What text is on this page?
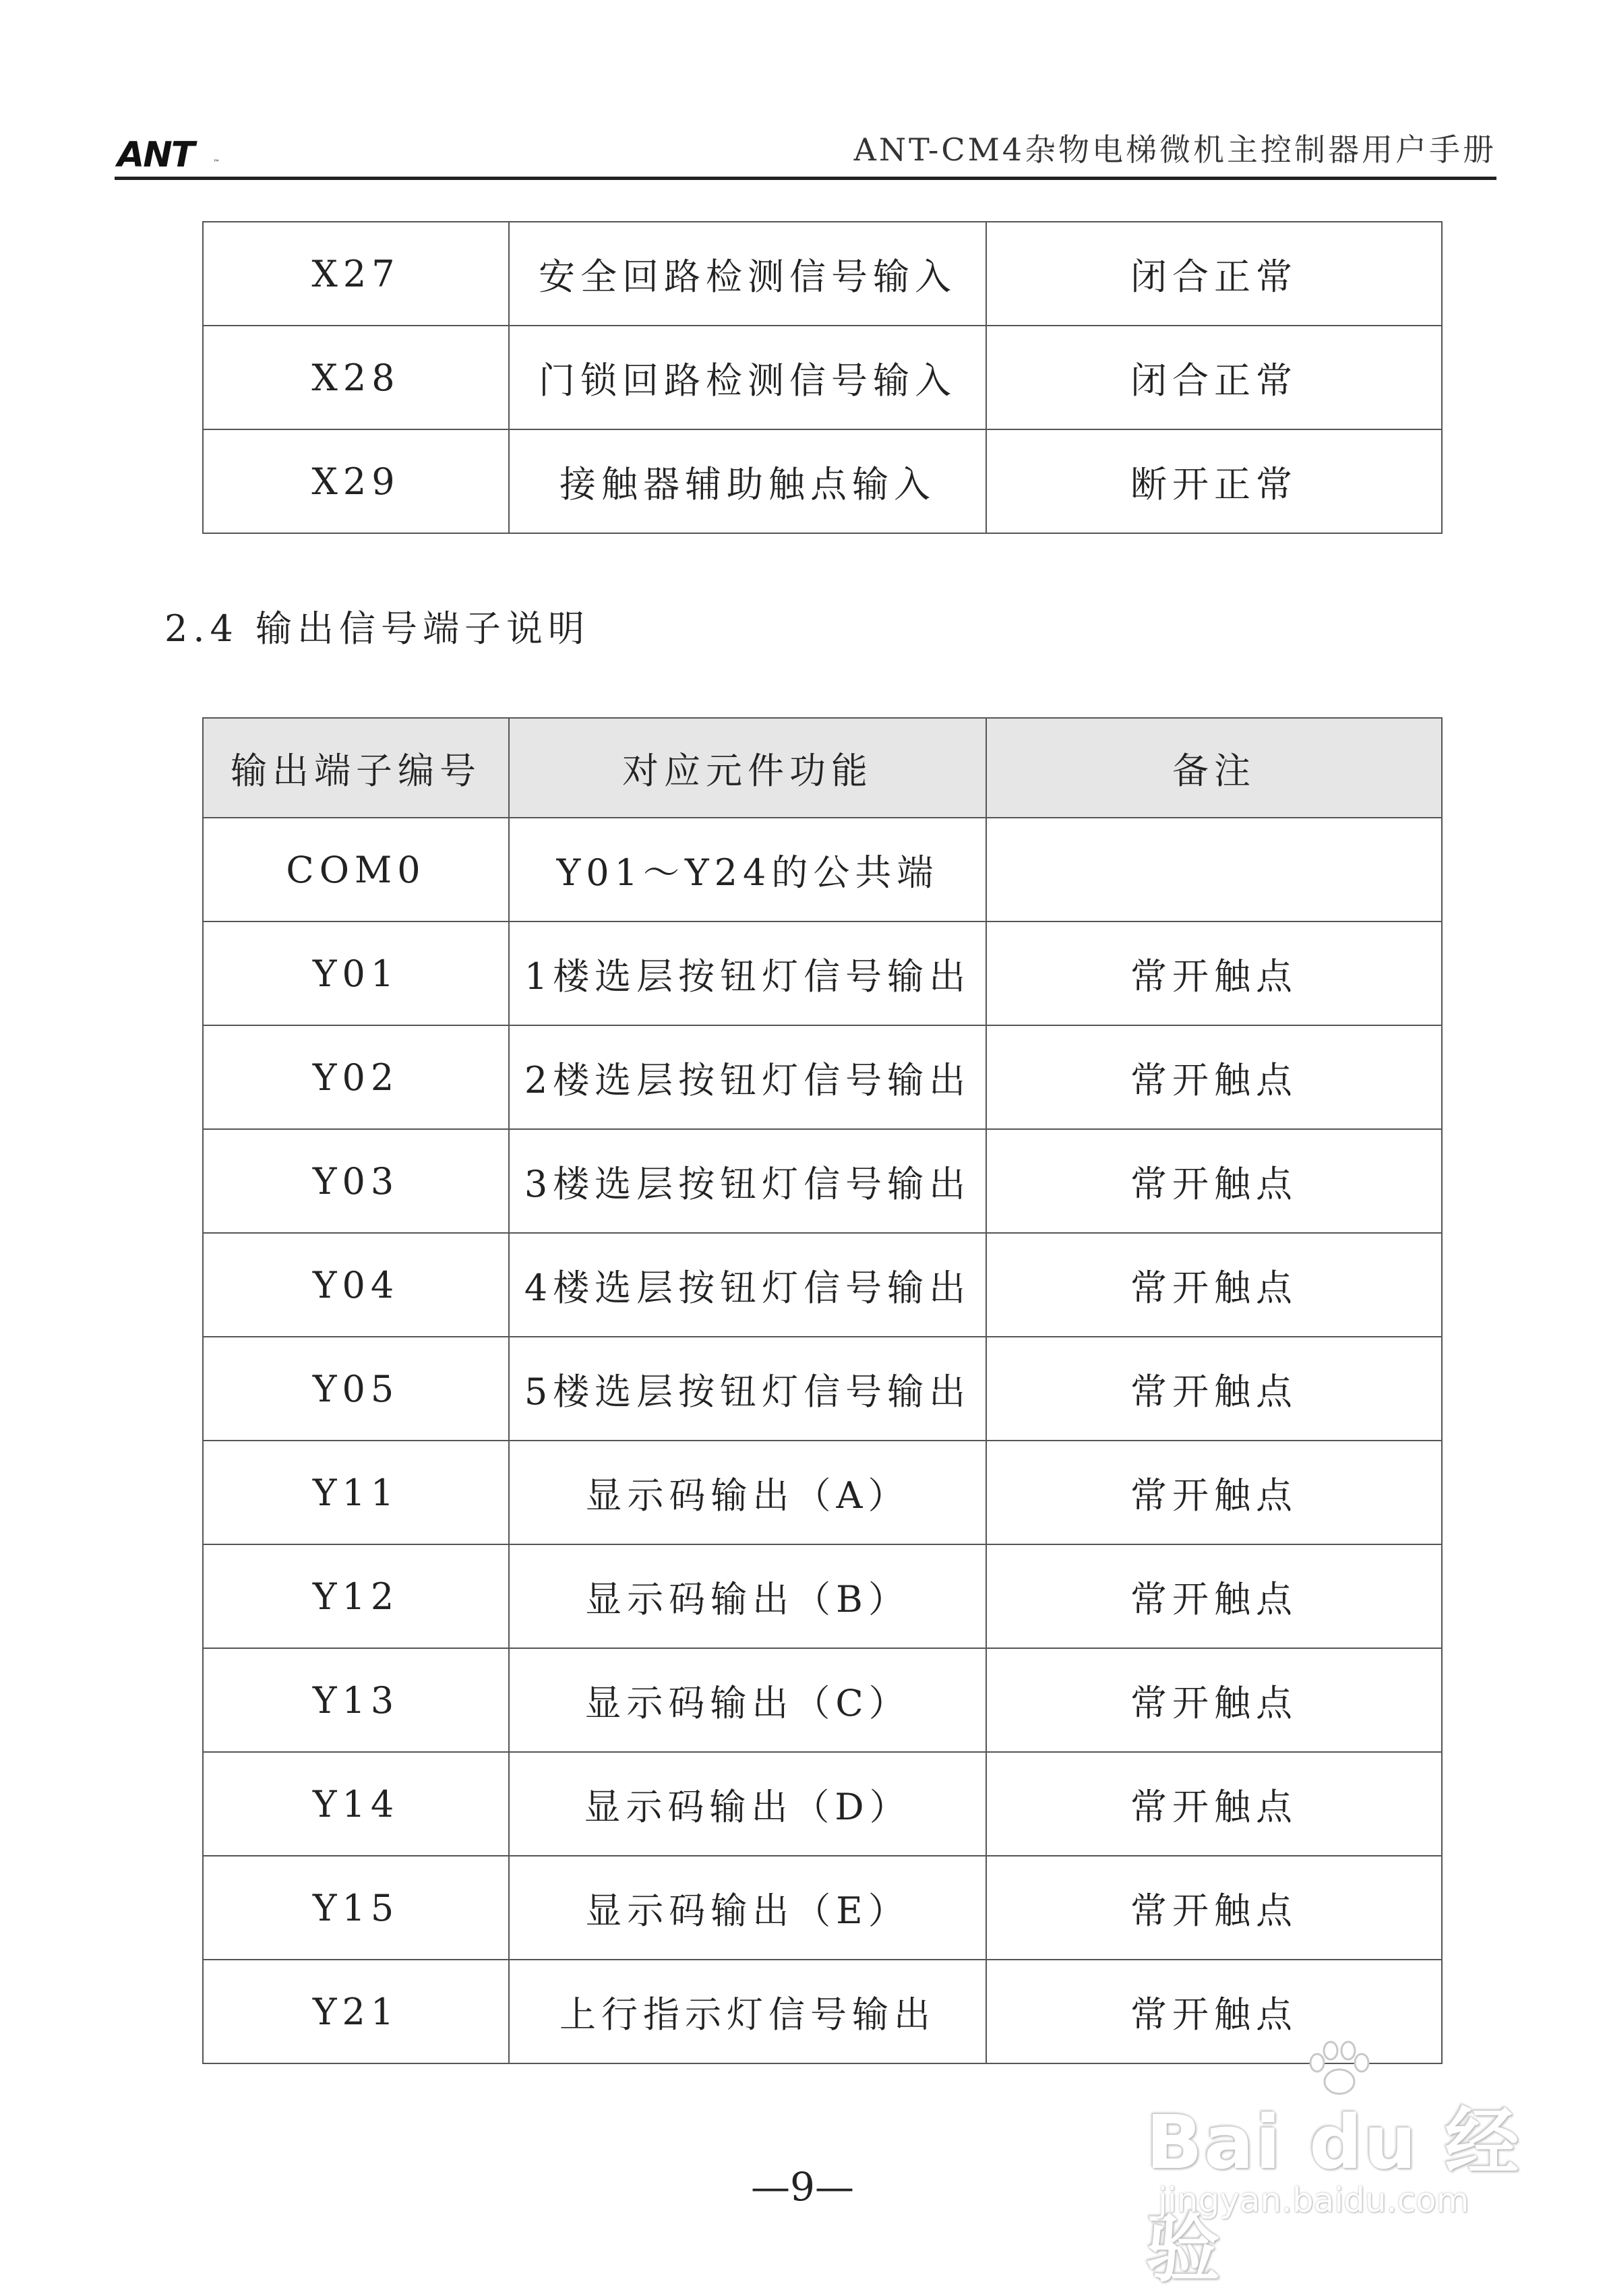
ANT	™	ANT-CM4杂物电梯微机主控制器用户手册
X27	安全回路检测信号输入	闭合正常
X28	门锁回路检测信号输入	闭合正常
X29	接触器辅助触点输入	断开正常
2.4 输出信号端子说明
输出端子编号	对应元件功能	备注
COM0	Y01～Y24的公共端	
Y01	1楼选层按钮灯信号输出	常开触点
Y02	2楼选层按钮灯信号输出	常开触点
Y03	3楼选层按钮灯信号输出	常开触点
Y04	4楼选层按钮灯信号输出	常开触点
Y05	5楼选层按钮灯信号输出	常开触点
Y11	显示码输出（A）	常开触点
Y12	显示码输出（B）	常开触点
Y13	显示码输出（C）	常开触点
Y14	显示码输出（D）	常开触点
Y15	显示码输出（E）	常开触点
Y21	上行指示灯信号输出	常开触点
Bai du 经验
jingyan.baidu.com
—9—
